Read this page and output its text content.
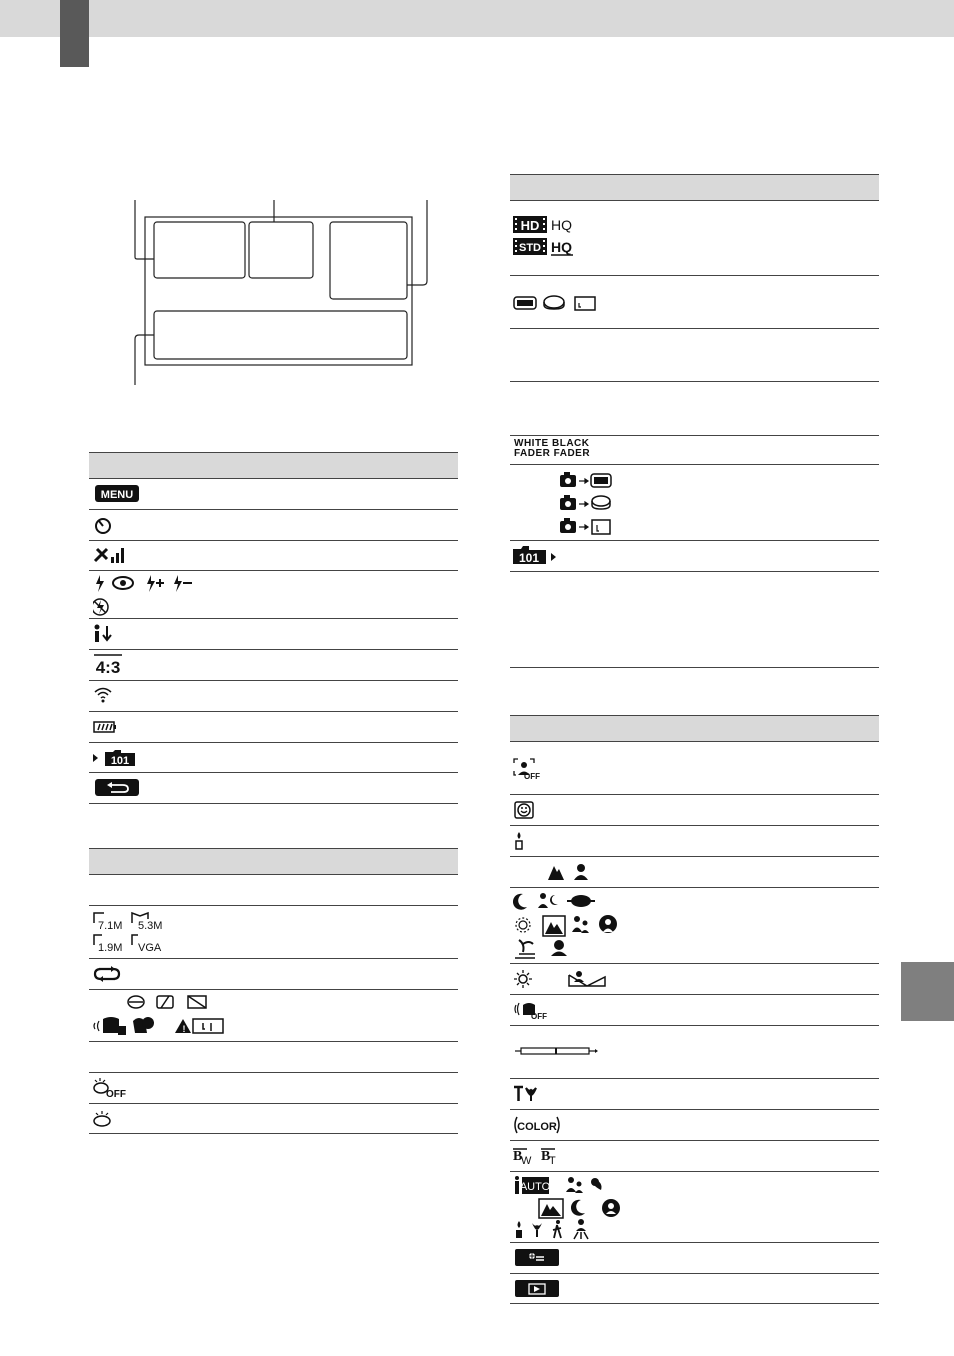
MENU
4:3
101
7.1M 5.3M
1.9M VGA
!
OFF
HD
STD
HQ
HQ
WHITE BLACK
FADER FADER
101
OFF
OFF
COLOR
B
W B
T
AUTO
